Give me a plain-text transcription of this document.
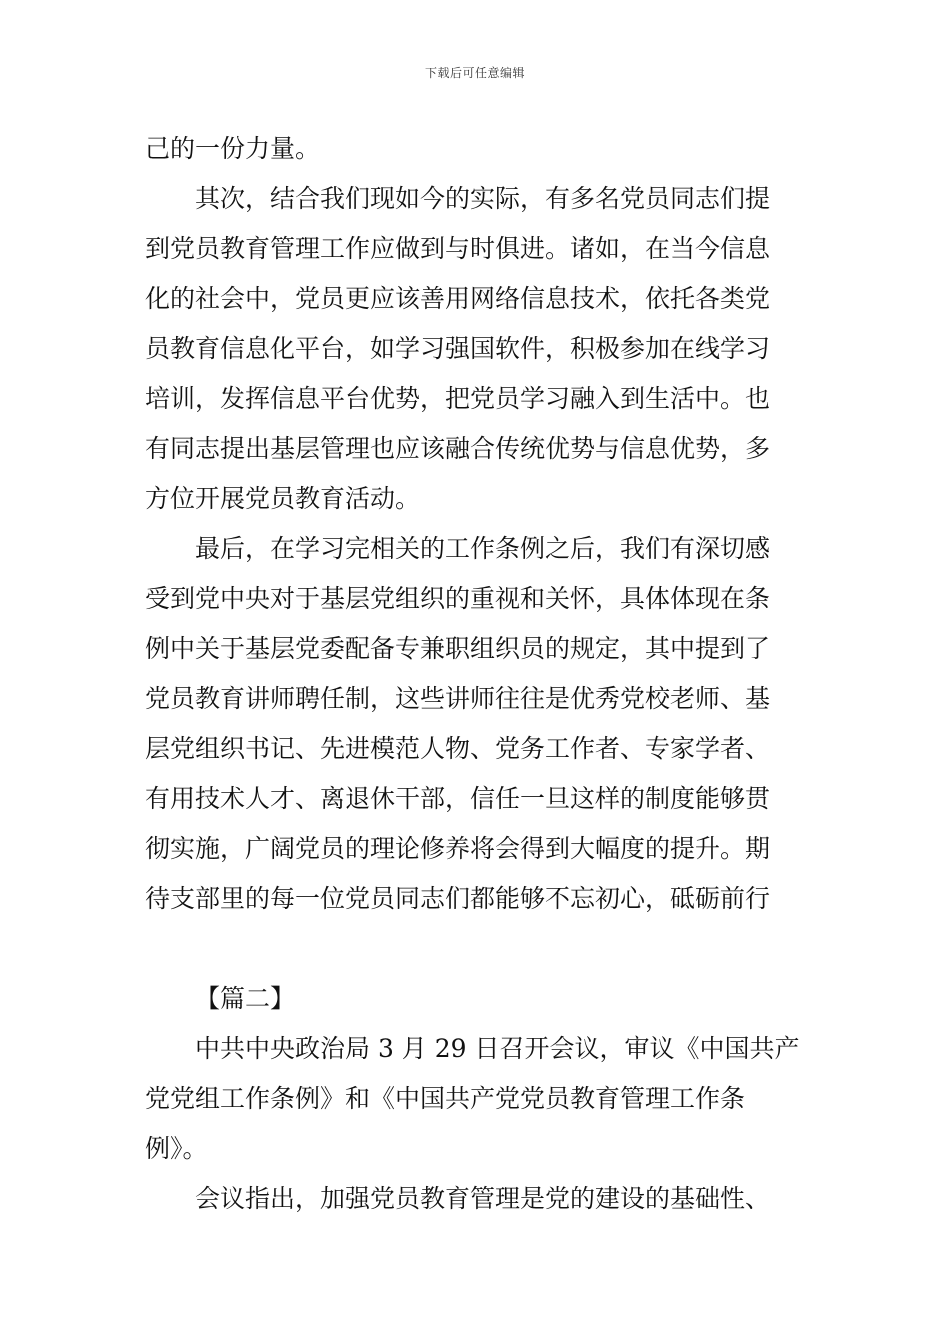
下载后可任意编辑
己的一份力量。
其次，结合我们现如今的实际，有多名党员同志们提
到党员教育管理工作应做到与时俱进。诸如，在当今信息
化的社会中，党员更应该善用网络信息技术，依托各类党
员教育信息化平台，如学习强国软件，积极参加在线学习
培训，发挥信息平台优势，把党员学习融入到生活中。也
有同志提出基层管理也应该融合传统优势与信息优势，多
方位开展党员教育活动。
最后，在学习完相关的工作条例之后，我们有深切感
受到党中央对于基层党组织的重视和关怀，具体体现在条
例中关于基层党委配备专兼职组织员的规定，其中提到了
党员教育讲师聘任制，这些讲师往往是优秀党校老师、基
层党组织书记、先进模范人物、党务工作者、专家学者、
有用技术人才、离退休干部，信任一旦这样的制度能够贯
彻实施，广阔党员的理论修养将会得到大幅度的提升。期
待支部里的每一位党员同志们都能够不忘初心，砥砺前行
【篇二】
中共中央政治局 3 月 29 日召开会议，审议《中国共产
党党组工作条例》和《中国共产党党员教育管理工作条
例》。
会议指出，加强党员教育管理是党的建设的基础性、
